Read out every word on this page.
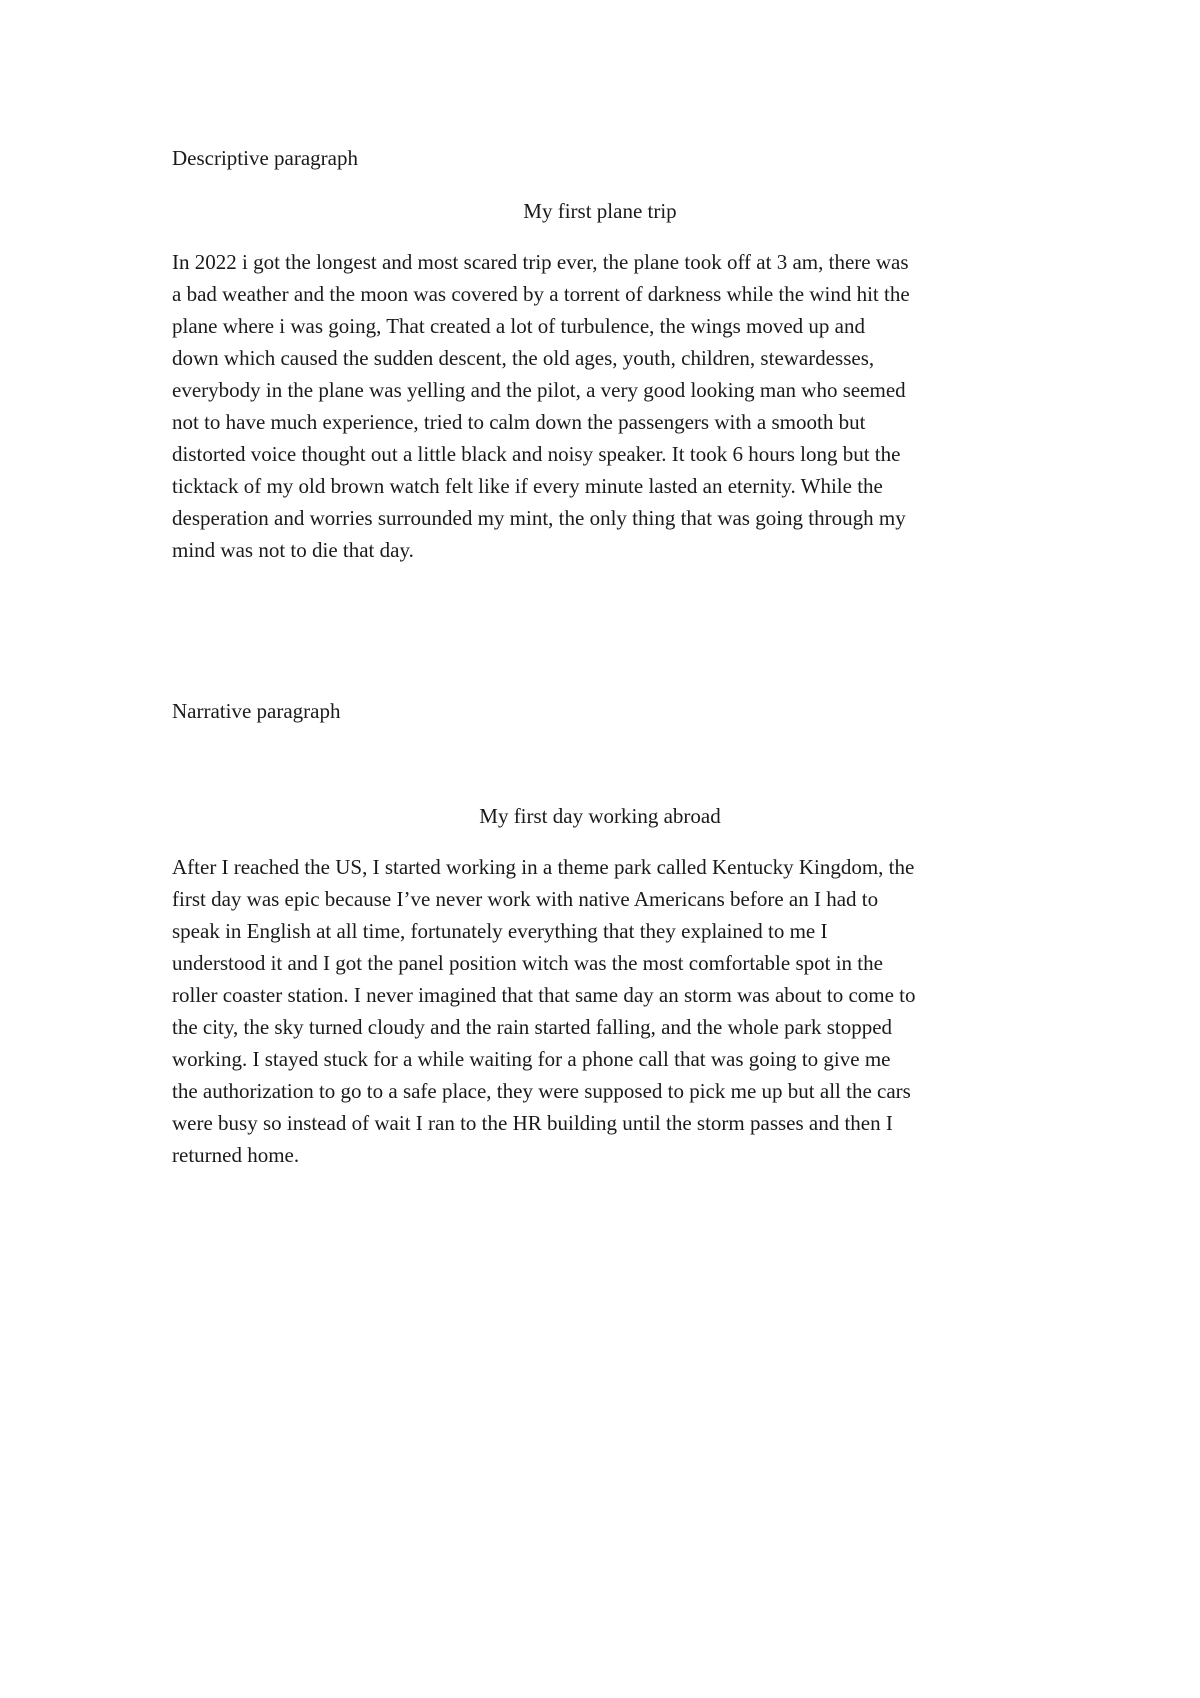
Descriptive paragraph
My first plane trip
In 2022 i got the longest and most scared trip ever, the plane took off at 3 am, there was
a bad weather and the moon was covered by a torrent of darkness while the wind hit the
plane where i was going, That created a lot of turbulence, the wings moved up and
down which caused the sudden descent, the old ages, youth, children, stewardesses,
everybody in the plane was yelling and the pilot, a very good looking man who seemed
not to have much experience, tried to calm down the passengers with a smooth but
distorted voice thought out a little black and noisy speaker. It took 6 hours long but the
ticktack of my old brown watch felt like if every minute lasted an eternity. While the
desperation and worries surrounded my mint, the only thing that was going through my
mind was not to die that day.
Narrative paragraph
My first day working abroad
After I reached the US, I started working in a theme park called Kentucky Kingdom, the
first day was epic because I’ve never work with native Americans before an I had to
speak in English at all time, fortunately everything that they explained to me I
understood it and I got the panel position witch was the most comfortable spot in the
roller coaster station. I never imagined that that same day an storm was about to come to
the city, the sky turned cloudy and the rain started falling, and the whole park stopped
working. I stayed stuck for a while waiting for a phone call that was going to give me
the authorization to go to a safe place, they were supposed to pick me up but all the cars
were busy so instead of wait I ran to the HR building until the storm passes and then I
returned home.
